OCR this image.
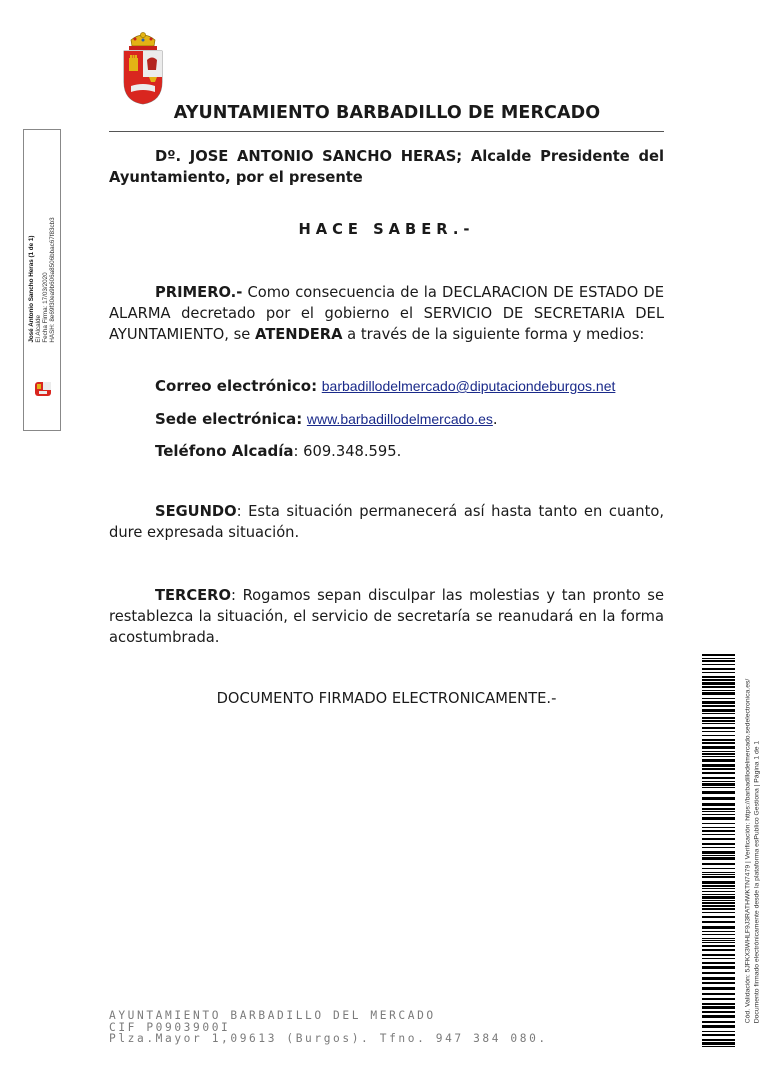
AYUNTAMIENTO BARBADILLO DE MERCADO
Dº. JOSE ANTONIO SANCHO HERAS; Alcalde Presidente del Ayuntamiento, por el presente
HACE SABER.-
PRIMERO.- Como consecuencia de la DECLARACION DE ESTADO DE ALARMA decretado por el gobierno el SERVICIO DE SECRETARIA DEL AYUNTAMIENTO, se ATENDERA a través de la siguiente forma y medios:
Correo electrónico: barbadillodelmercado@diputaciondeburgos.net
Sede electrónica: www.barbadillodelmercado.es.
Teléfono Alcadía: 609.348.595.
SEGUNDO: Esta situación permanecerá así hasta tanto en cuanto, dure expresada situación.
TERCERO: Rogamos sepan disculpar las molestias y tan pronto se restablezca la situación, el servicio de secretaría se reanudará en la forma acostumbrada.
DOCUMENTO FIRMADO ELECTRONICAMENTE.-
AYUNTAMIENTO BARBADILLO DEL MERCADO
CIF P0903900I
Plza.Mayor 1,09613 (Burgos). Tfno. 947 384 080.
José Antonio Sancho Heras (1 de 1) El Alcalde Fecha Firma: 17/03/2020 HASH: 8e69f30ea9b606a8506bbac67f83cb3
Cód. Validación: 5JFKX3WHLF9J3RATHWKTN7479 | Verificación: https://barbadillodelmercado.sedelectronica.es/ Documento firmado electrónicamente desde la plataforma esPublico Gestiona | Página 1 de 1
